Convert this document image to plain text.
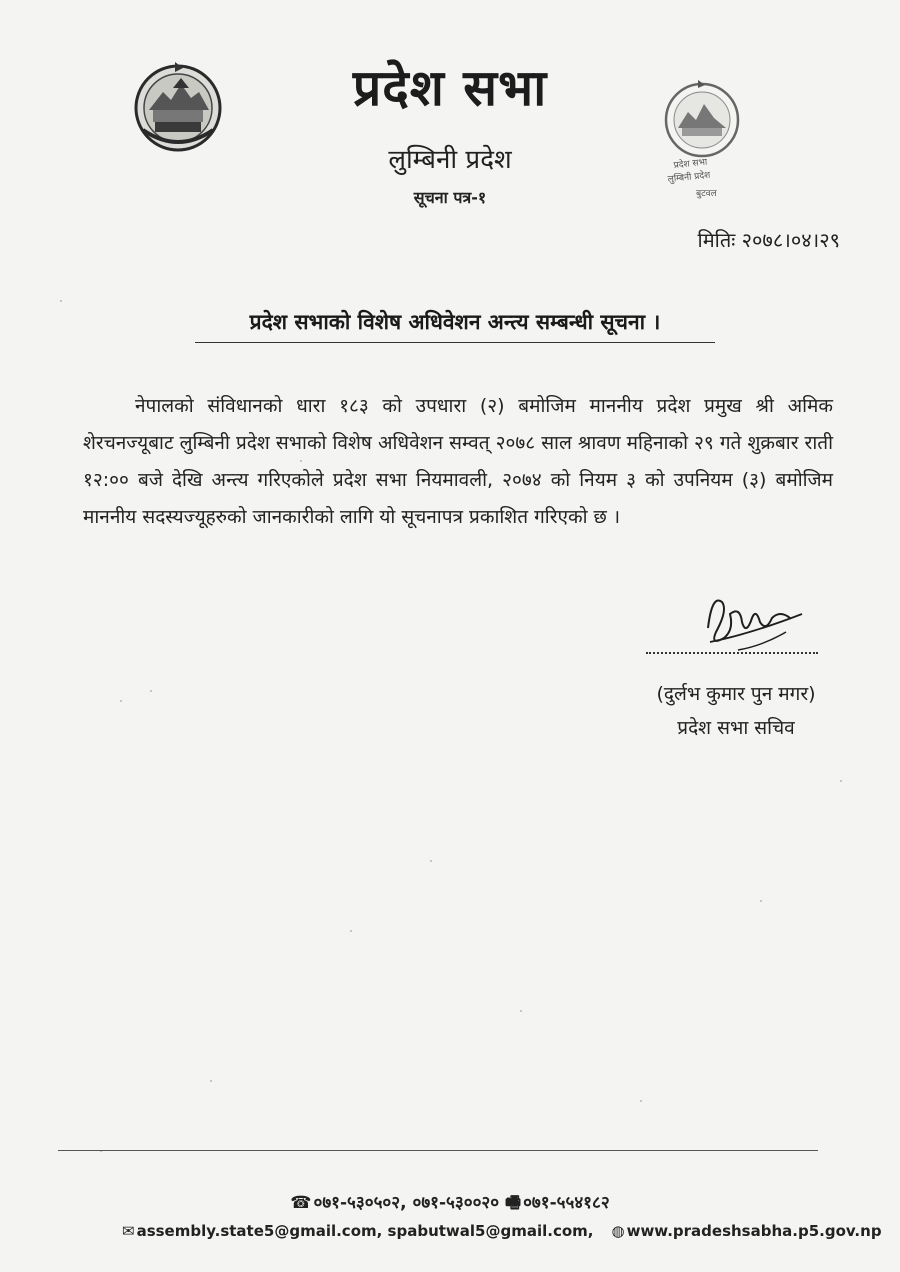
प्रदेश सभा
लुम्बिनी प्रदेश
बुटवल
प्रदेश सभा
लुम्बिनी प्रदेश
सूचना पत्र-१
मितिः २०७८।०४।२९
प्रदेश सभाको विशेष अधिवेशन अन्त्य सम्बन्धी सूचना ।
नेपालको संविधानको धारा १८३ को उपधारा (२) बमोजिम माननीय प्रदेश प्रमुख श्री अमिक शेरचनज्यूबाट लुम्बिनी प्रदेश सभाको विशेष अधिवेशन सम्वत् २०७८ साल श्रावण महिनाको २९ गते शुक्रबार राती १२:०० बजे देखि अन्त्य गरिएकोले प्रदेश सभा नियमावली, २०७४ को नियम ३ को उपनियम (३) बमोजिम माननीय सदस्यज्यूहरुको जानकारीको लागि यो सूचनापत्र प्रकाशित गरिएको छ ।
(दुर्लभ कुमार पुन मगर)
प्रदेश सभा सचिव
☎ ०७१-५३०५०२, ०७१-५३००२० 🖷 ०७१-५५४१८२
✉ assembly.state5@gmail.com, spabutwal5@gmail.com, ◍ www.pradeshsabha.p5.gov.np
